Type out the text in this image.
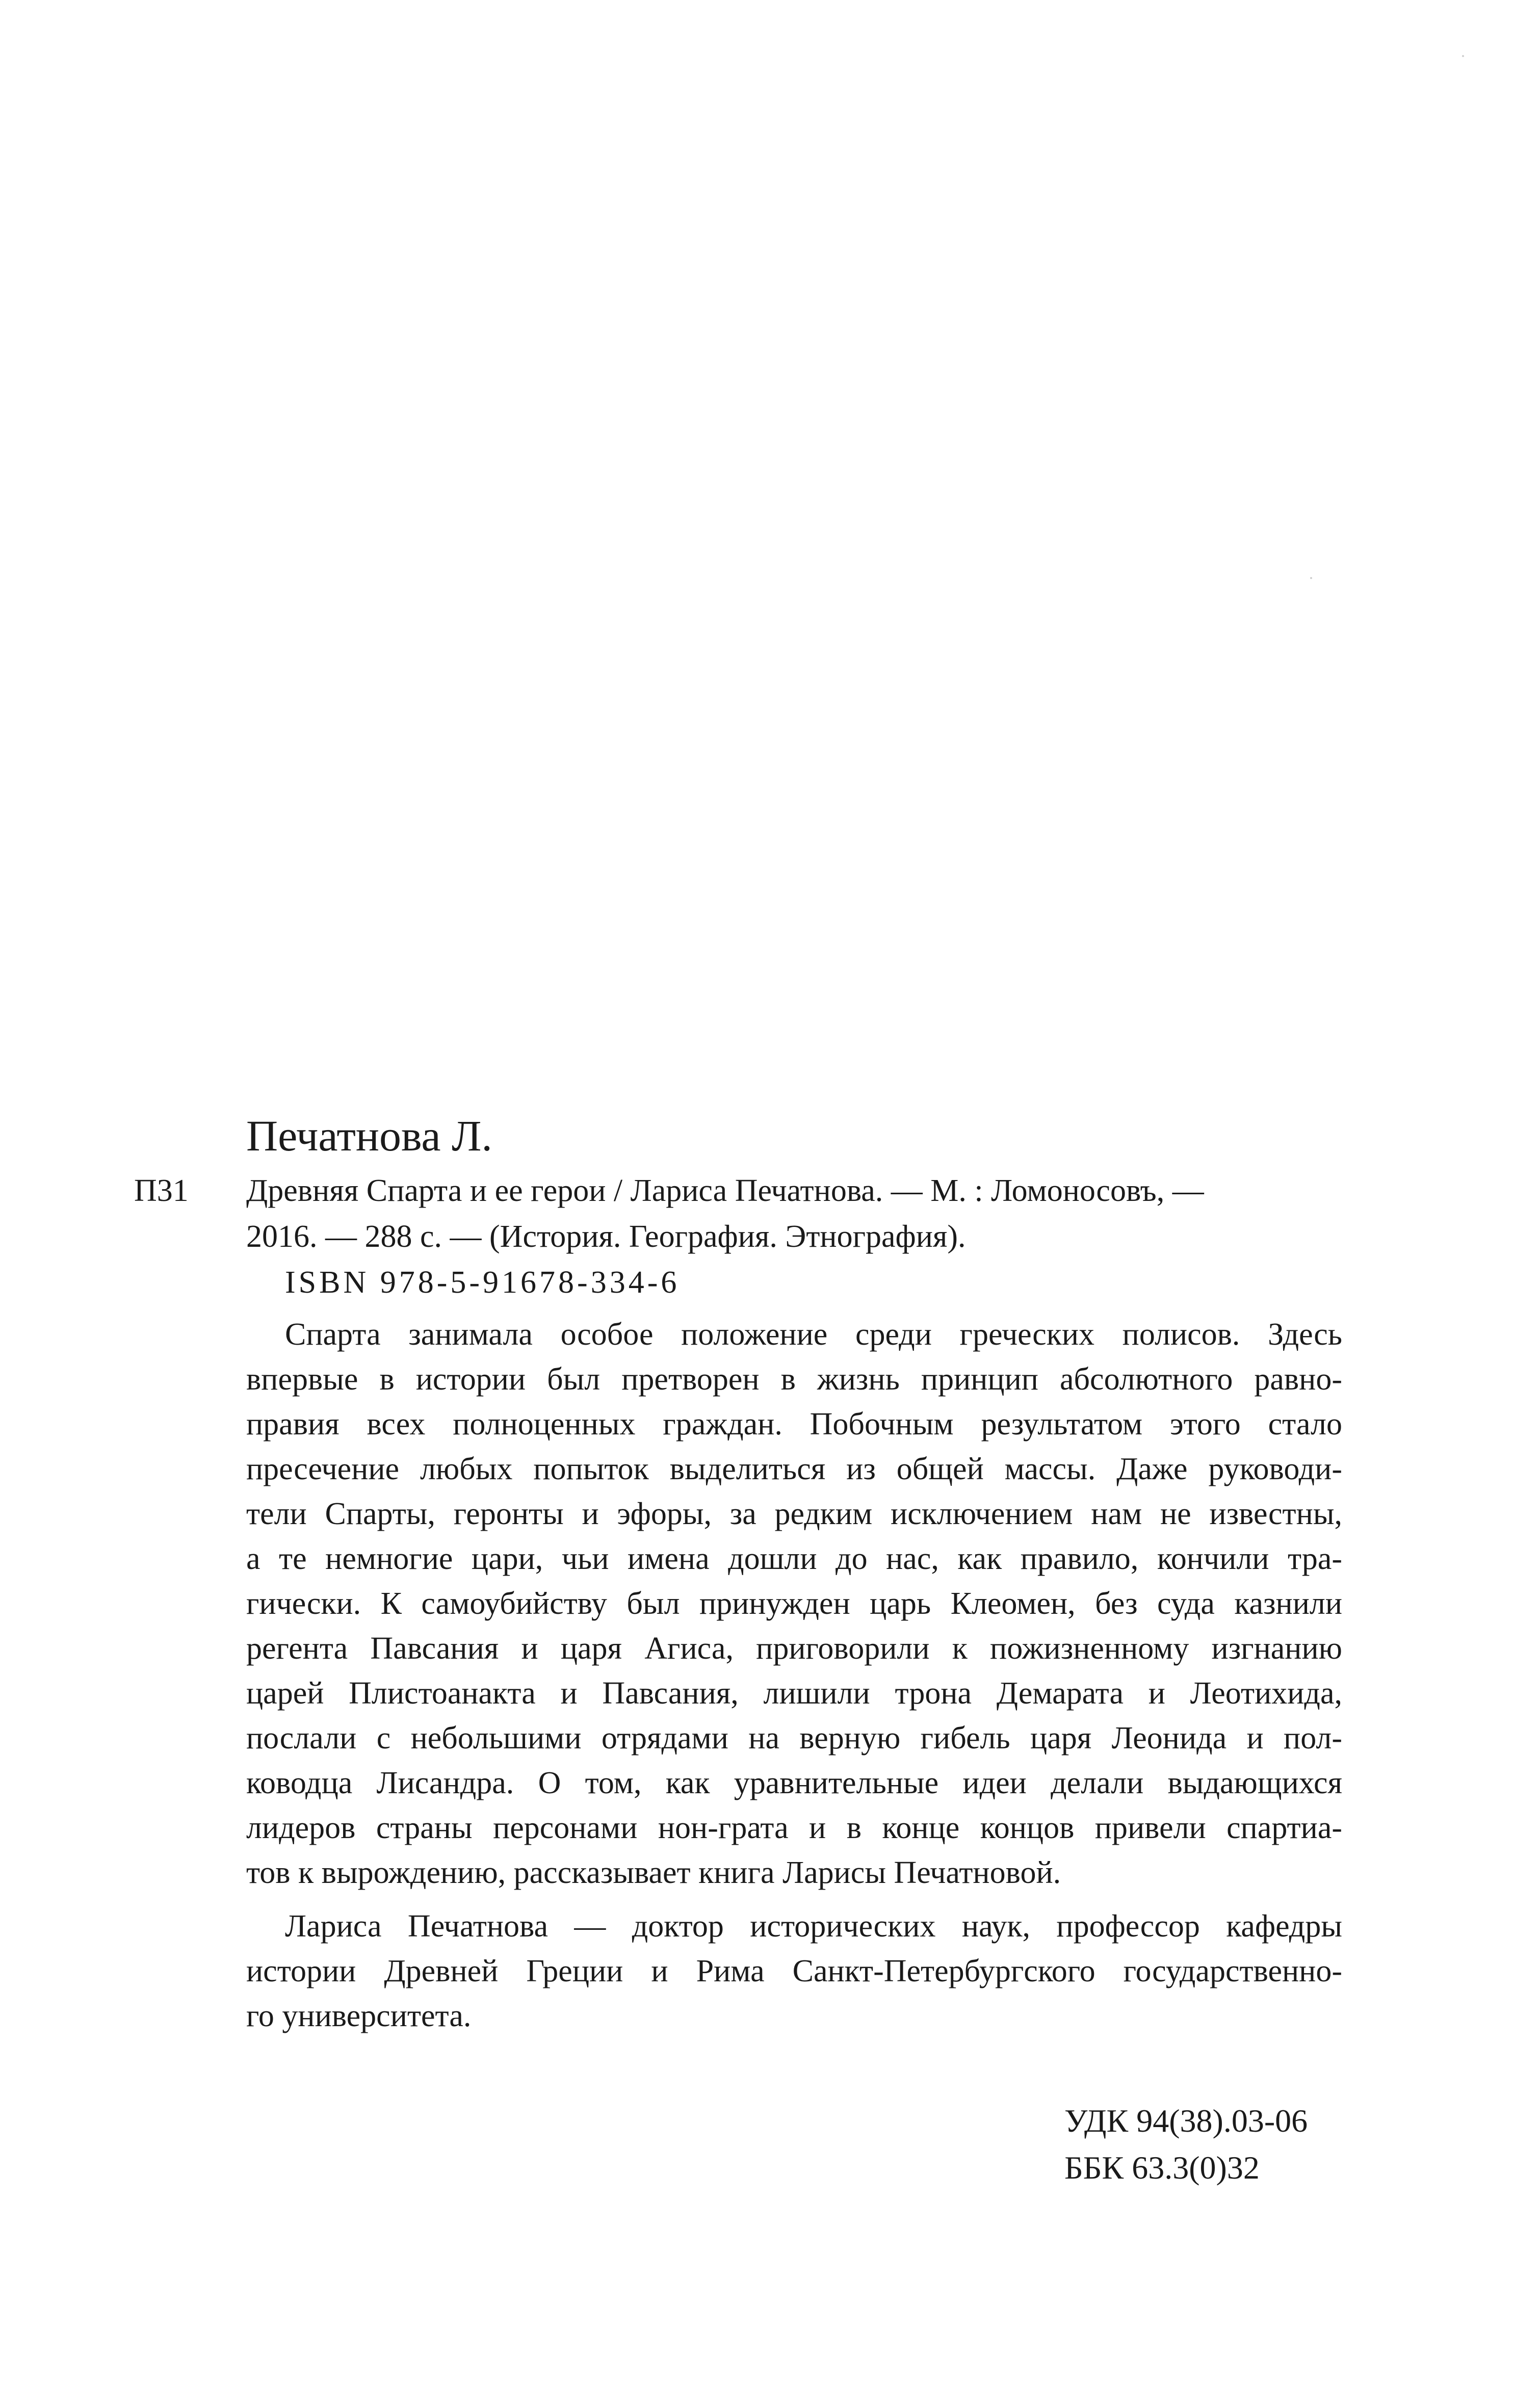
Печатнова Л.
П31 Древняя Спарта и ее герои / Лариса Печатнова. — М. : Ломоносовъ, —
2016. — 288 с. — (История. География. Этнография).
ISBN 978-5-91678-334-6
Спарта занимала особое положение среди греческих полисов. Здесь
впервые в истории был претворен в жизнь принцип абсолютного равно-
правия всех полноценных граждан. Побочным результатом этого стало
пресечение любых попыток выделиться из общей массы. Даже руководи-
тели Спарты, геронты и эфоры, за редким исключением нам не известны,
а те немногие цари, чьи имена дошли до нас, как правило, кончили тра-
гически. К самоубийству был принужден царь Клеомен, без суда казнили
регента Павсания и царя Агиса, приговорили к пожизненному изгнанию
царей Плистоанакта и Павсания, лишили трона Демарата и Леотихида,
послали с небольшими отрядами на верную гибель царя Леонида и пол-
ководца Лисандра. О том, как уравнительные идеи делали выдающихся
лидеров страны персонами нон-грата и в конце концов привели спартиа-
тов к вырождению, рассказывает книга Ларисы Печатновой.
Лариса Печатнова — доктор исторических наук, профессор кафедры
истории Древней Греции и Рима Санкт-Петербургского государственно-
го университета.
УДК 94(38).03-06
ББК 63.3(0)32
